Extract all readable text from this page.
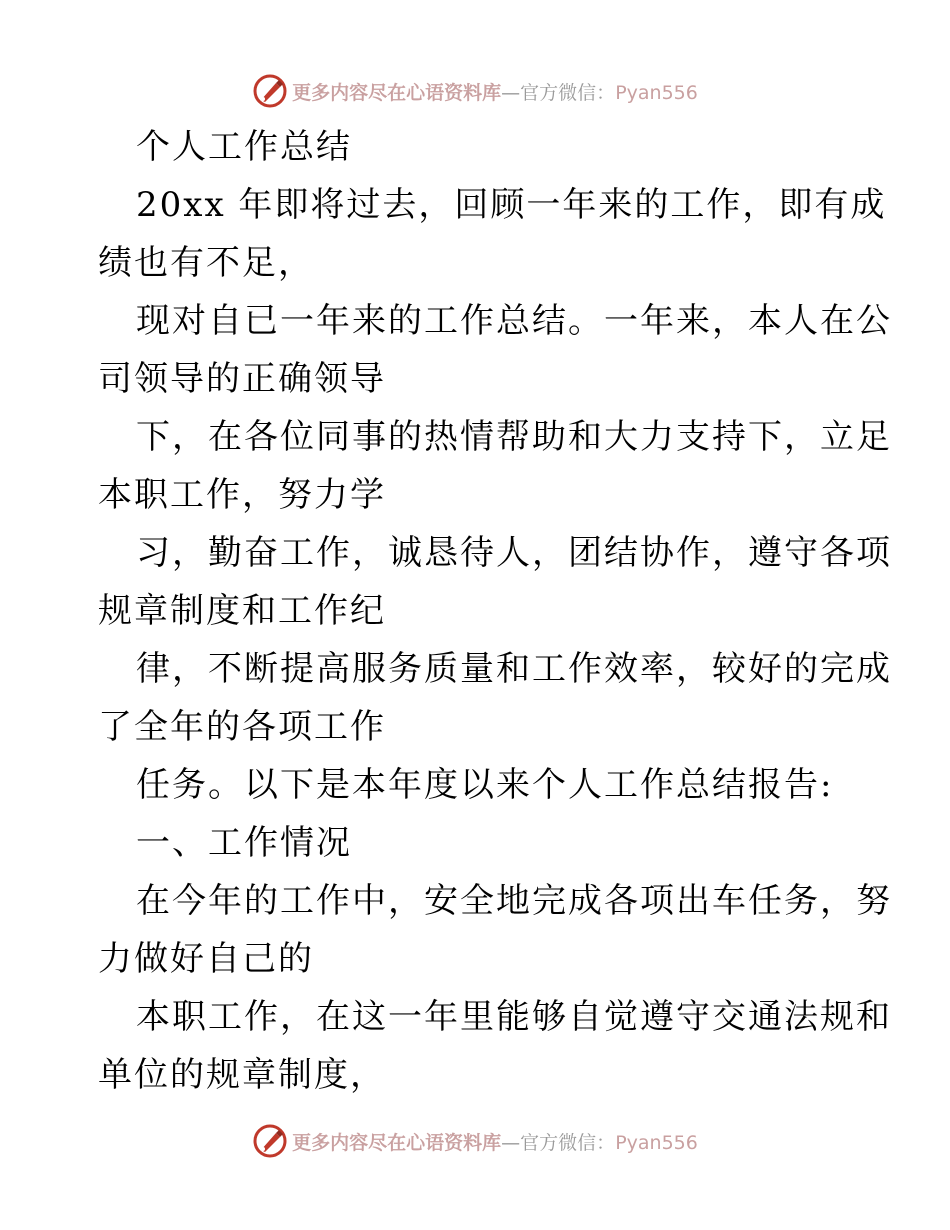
更多内容尽在心语资料库—官方微信：Pyan556
个人工作总结
20xx 年即将过去，回顾一年来的工作，即有成
绩也有不足，
现对自已一年来的工作总结。一年来，本人在公
司领导的正确领导
下，在各位同事的热情帮助和大力支持下，立足
本职工作，努力学
习，勤奋工作，诚恳待人，团结协作，遵守各项
规章制度和工作纪
律，不断提高服务质量和工作效率，较好的完成
了全年的各项工作
任务。以下是本年度以来个人工作总结报告:
一、工作情况
在今年的工作中，安全地完成各项出车任务，努
力做好自己的
本职工作，在这一年里能够自觉遵守交通法规和
单位的规章制度，
更多内容尽在心语资料库—官方微信：Pyan556
